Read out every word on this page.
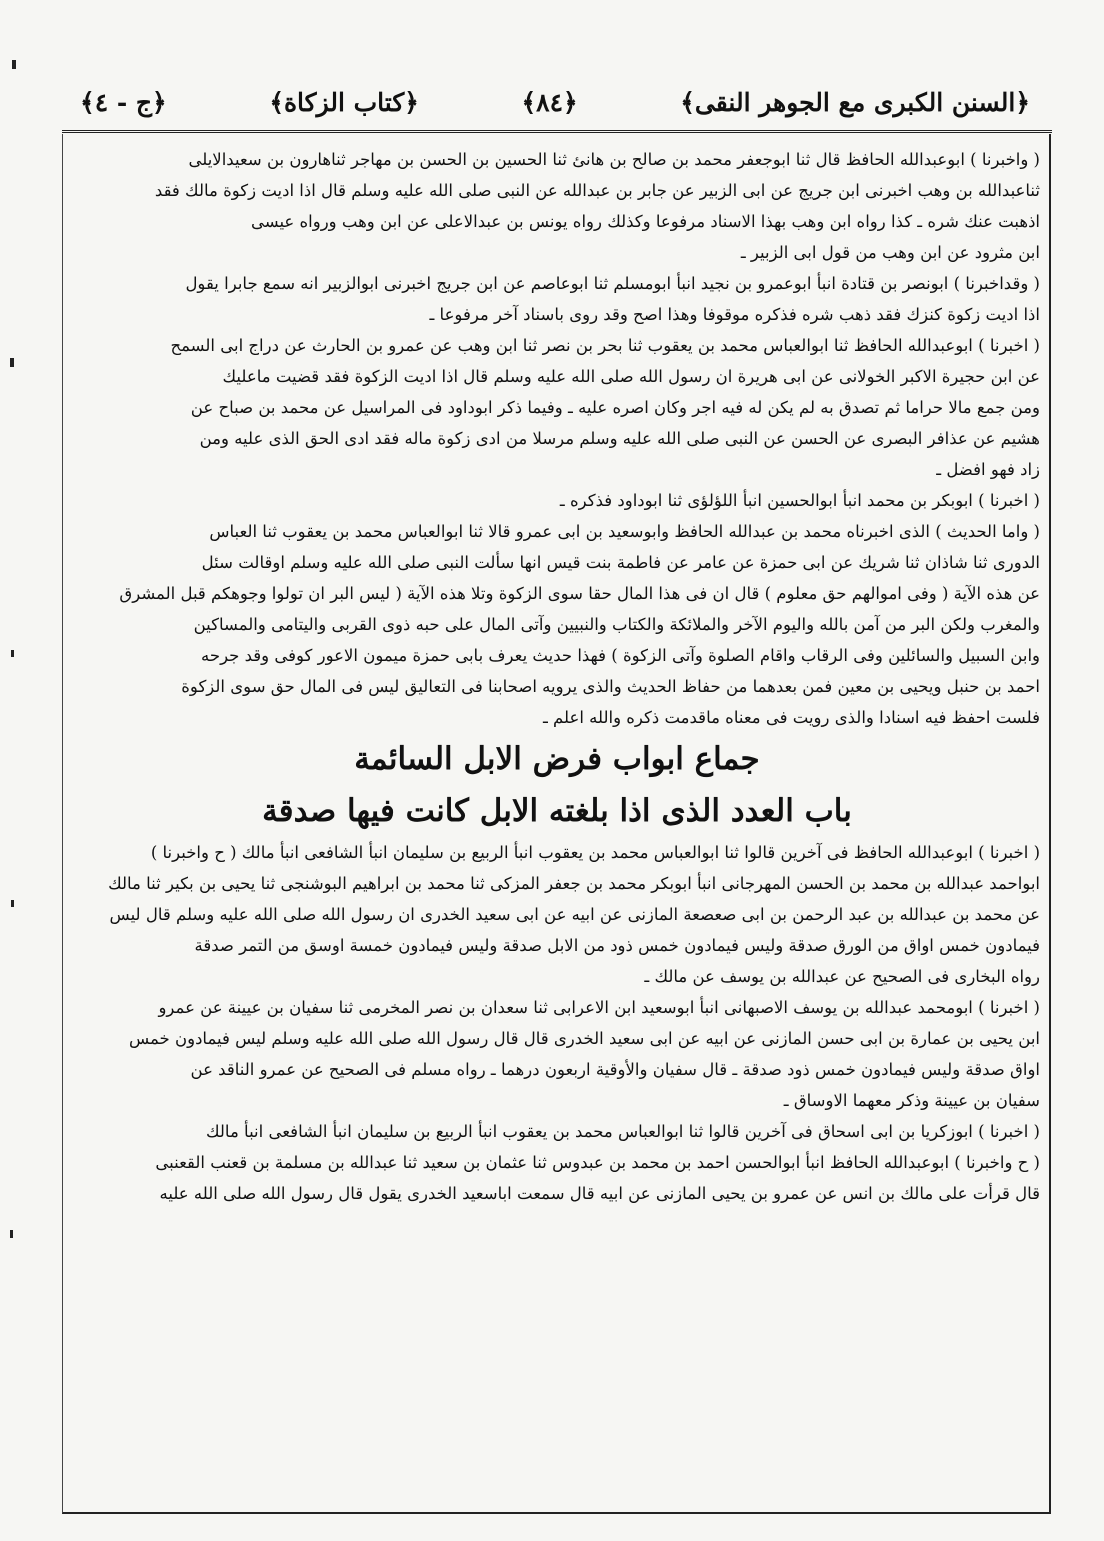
﴿السنن الكبرى مع الجوهر النقى﴾
﴿٨٤﴾
﴿كتاب الزكاة﴾
﴿ج - ٤﴾
( واخبرنا ) ابوعبدالله الحافظ قال ثنا ابوجعفر محمد بن صالح بن هانئ ثنا الحسين بن الحسن بن مهاجر ثناهارون بن سعيدالايلى
ثناعبدالله بن وهب اخبرنى ابن جريج عن ابى الزبير عن جابر بن عبدالله عن النبى صلى الله عليه وسلم قال اذا اديت زكوة مالك فقد
اذهبت عنك شره ـ كذا رواه ابن وهب بهذا الاسناد مرفوعا وكذلك رواه يونس بن عبدالاعلى عن ابن وهب ورواه عيسى
ابن مثرود عن ابن وهب من قول ابى الزبير ـ
( وقداخبرنا ) ابونصر بن قتادة انبأ ابوعمرو بن نجيد انبأ ابومسلم ثنا ابوعاصم عن ابن جريج اخبرنى ابوالزبير انه سمع جابرا يقول
اذا اديت زكوة كنزك فقد ذهب شره فذكره موقوفا وهذا اصح وقد روى باسناد آخر مرفوعا ـ
( اخبرنا ) ابوعبدالله الحافظ ثنا ابوالعباس محمد بن يعقوب ثنا بحر بن نصر ثنا ابن وهب عن عمرو بن الحارث عن دراج ابى السمح
عن ابن حجيرة الاكبر الخولانى عن ابى هريرة ان رسول الله صلى الله عليه وسلم قال اذا اديت الزكوة فقد قضيت ماعليك
ومن جمع مالا حراما ثم تصدق به لم يكن له فيه اجر وكان اصره عليه ـ وفيما ذكر ابوداود فى المراسيل عن محمد بن صباح عن
هشيم عن عذافر البصرى عن الحسن عن النبى صلى الله عليه وسلم مرسلا من ادى زكوة ماله فقد ادى الحق الذى عليه ومن
زاد فهو افضل ـ
( اخبرنا ) ابوبكر بن محمد انبأ ابوالحسين انبأ اللؤلؤى ثنا ابوداود فذكره ـ
( واما الحديث ) الذى اخبرناه محمد بن عبدالله الحافظ وابوسعيد بن ابى عمرو قالا ثنا ابوالعباس محمد بن يعقوب ثنا العباس
الدورى ثنا شاذان ثنا شريك عن ابى حمزة عن عامر عن فاطمة بنت قيس انها سألت النبى صلى الله عليه وسلم اوقالت سئل
عن هذه الآية ( وفى اموالهم حق معلوم ) قال ان فى هذا المال حقا سوى الزكوة وتلا هذه الآية ( ليس البر ان تولوا وجوهكم قبل المشرق
والمغرب ولكن البر من آمن بالله واليوم الآخر والملائكة والكتاب والنبيين وآتى المال على حبه ذوى القربى واليتامى والمساكين
وابن السبيل والسائلين وفى الرقاب واقام الصلوة وآتى الزكوة ) فهذا حديث يعرف بابى حمزة ميمون الاعور كوفى وقد جرحه
احمد بن حنبل ويحيى بن معين فمن بعدهما من حفاظ الحديث والذى يرويه اصحابنا فى التعاليق ليس فى المال حق سوى الزكوة
فلست احفظ فيه اسنادا والذى رويت فى معناه ماقدمت ذكره والله اعلم ـ

جماع ابواب فرض الابل السائمة

باب العدد الذى اذا بلغته الابل كانت فيها صدقة

( اخبرنا ) ابوعبدالله الحافظ فى آخرين قالوا ثنا ابوالعباس محمد بن يعقوب انبأ الربيع بن سليمان انبأ الشافعى انبأ مالك ( ح واخبرنا )
ابواحمد عبدالله بن محمد بن الحسن المهرجانى انبأ ابوبكر محمد بن جعفر المزكى ثنا محمد بن ابراهيم البوشنجى ثنا يحيى بن بكير ثنا مالك
عن محمد بن عبدالله بن عبد الرحمن بن ابى صعصعة المازنى عن ابيه عن ابى سعيد الخدرى ان رسول الله صلى الله عليه وسلم قال ليس
فيمادون خمس اواق من الورق صدقة وليس فيمادون خمس ذود من الابل صدقة وليس فيمادون خمسة اوسق من التمر صدقة
رواه البخارى فى الصحيح عن عبدالله بن يوسف عن مالك ـ
( اخبرنا ) ابومحمد عبدالله بن يوسف الاصبهانى انبأ ابوسعيد ابن الاعرابى ثنا سعدان بن نصر المخرمى ثنا سفيان بن عيينة عن عمرو
ابن يحيى بن عمارة بن ابى حسن المازنى عن ابيه عن ابى سعيد الخدرى قال قال رسول الله صلى الله عليه وسلم ليس فيمادون خمس
اواق صدقة وليس فيمادون خمس ذود صدقة ـ قال سفيان والأوقية اربعون درهما ـ رواه مسلم فى الصحيح عن عمرو الناقد عن
سفيان بن عيينة وذكر معهما الاوساق ـ
( اخبرنا ) ابوزكريا بن ابى اسحاق فى آخرين قالوا ثنا ابوالعباس محمد بن يعقوب انبأ الربيع بن سليمان انبأ الشافعى انبأ مالك
( ح واخبرنا ) ابوعبدالله الحافظ انبأ ابوالحسن احمد بن محمد بن عبدوس ثنا عثمان بن سعيد ثنا عبدالله بن مسلمة بن قعنب القعنبى
قال قرأت على مالك بن انس عن عمرو بن يحيى المازنى عن ابيه قال سمعت اباسعيد الخدرى يقول قال رسول الله صلى الله عليه
